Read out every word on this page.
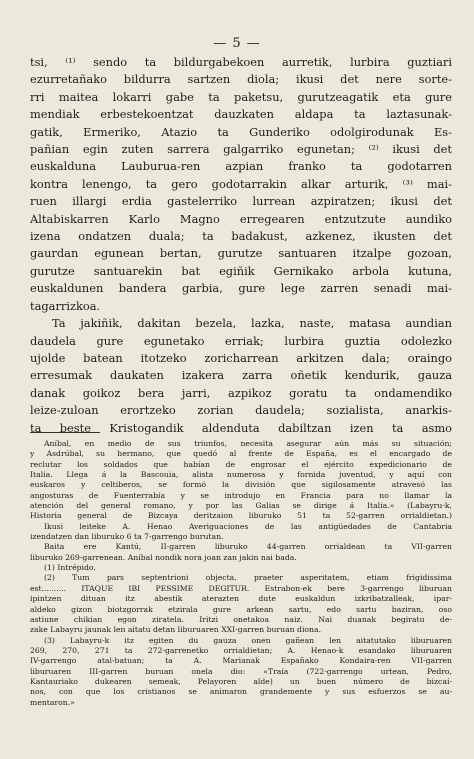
— 5 —
tsi, ⁽¹⁾ sendo ta bildurgabekoen aurretik, lurbira guztiari
ezurretañako bildurra sartzen diola; ikusi det nere sorte-
rri maitea lokarri gabe ta paketsu, gurutzeagatik eta gure
mendiak erbestekoentzat dauzkaten aldapa ta laztasunak-
gatik, Ermeriko, Atazio ta Gunderiko odolgirodunak Es-
pañian egin zuten sarrera galgarriko egunetan; ⁽²⁾ ikusi det
euskalduna Lauburua-ren azpian franko ta godotarren
kontra lenengo, ta gero godotarrakin alkar arturik, ⁽³⁾ mai-
ruen illargi erdia gastelerriko lurrean azpiratzen; ikusi det
Altabiskarren Karlo Magno erregearen entzutzute aundiko
izena ondatzen duala; ta badakust, azkenez, ikusten det
gaurdan egunean bertan, gurutze santuaren itzalpe gozoan,
gurutze santuarekin bat egiñik Gernikako arbola kutuna,
euskaldunen bandera garbia, gure lege zarren senadi mai-
tagarrizkoa.
Ta jakiñik, dakitan bezela, lazka, naste, matasa aundian
daudela gure egunetako erriak; lurbira guztia odolezko
ujolde batean itotzeko zoricharrean arkitzen dala; oraingo
erresumak daukaten izakera zarra oñetik kendurik, gauza
danak goikoz bera jarri, azpikoz goratu ta ondamendiko
leize-zuloan erortzeko zorian daudela; sozialista, anarkis-
ta beste Kristogandik aldenduta dabiltzan izen ta asmo
Aníbal, en medio de sus triunfos, necesita asegurar aún más su situación;
y Asdrúbal, su hermano, que quedó al frente de España, es el encargado de
reclutar los soldados que habían de engrosar el ejército expedicionario de
Italia. Llega á la Bascouia, alista numerosa y fornida juventud, y aquí con
euskaros y celtiberos, se formó la división que sigilosamente atravesó las
angosturas de Fuenterrabía y se introdujo en Francia para no llamar la
atención del general romano, y por las Galias se dirige á Italia.» (Labayru-k,
Historia general de Bizcaya deritzaion liburuko 51 ta 52-garren orrialdietan.)
Ikusi leiteke A. Henao Averiguaciones de las antigüedades de Cantabria
izendatzen dan liburuko 6 ta 7-garrengo burutan.
Baita ere Kantú, II-garren liburuko 44-garren orrialdean ta VII-garren
liburuko 269-garrenean. Aníbal nondik nora joan zan jakin nai bada.
(1) Intrépido.
(2) Tum pars septentrioni objecta, praeter asperitatem, etiam frigidissima
est.......... ITAQUE IBI PESSIME DEGITUR. Estrabon-ek bere 3-garrengo liburuan
ipintzen dituan itz abestik aterazten dute euskaldun izkribatzalleak, ipar-
aldeko gizon biotzgorrak etzirala gure arkean sartu, edo sartu baziran, oso
astiune chikian egon ziratela. Iritzi onetakoa naiz. Nai duanak begiratu de-
zake Labayru jaunak len aitatu detan liburuaren XXI-garren buruan diona.
(3) Labayru-k itz egiten du gauza onen gañean len aitatutako liburuaren
269, 270, 271 ta 272-garrenetko orrialdietan; A. Henao-k esandako liburuaren
IV-garrengo atal-batuan; ta A. Marianak Españako Kondaira-ren VII-garren
liburuaren III-garren buruan onela dio: «Traía (722-garrengo urtean, Pedro,
Kantauriako dukearen semeak, Pelayoren alde) un buen número de bizcaí-
nos, con que los cristianos se animaron grandemente y sus esfuerzos se au-
mentaron.»
